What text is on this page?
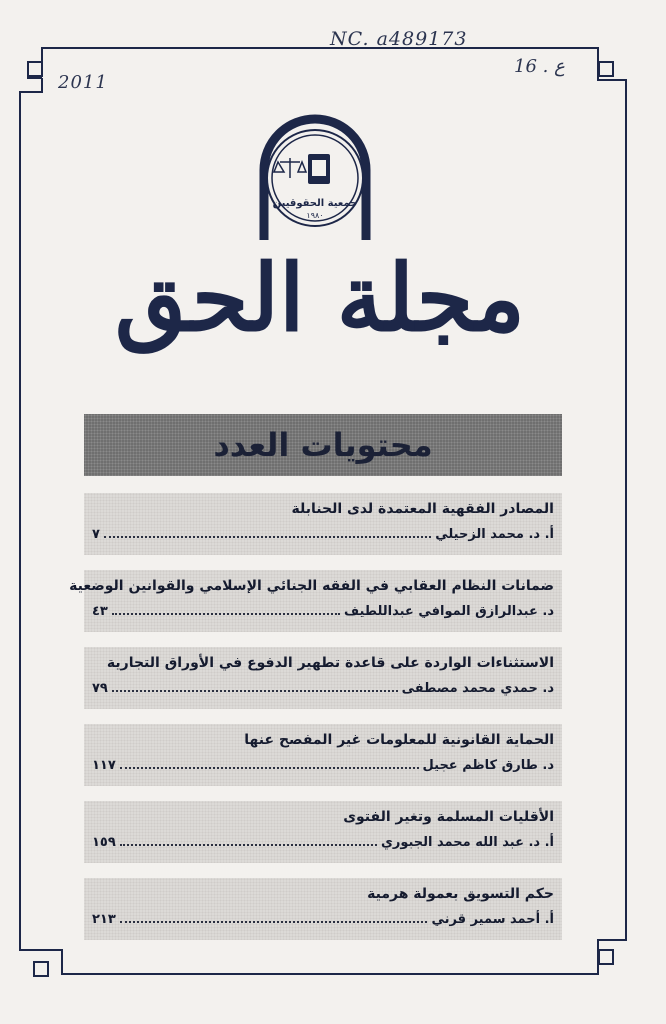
NC. a489173
2011
16 . ع
جمعية الحقوقيين
١٩٨٠
مجلة الحق
محتويات العدد
المصادر الفقهية المعتمدة لدى الحنابلة
أ. د. محمد الزحيلي
٧
ضمانات النظام العقابي في الفقه الجنائي الإسلامي والقوانين الوضعية
د. عبدالرازق الموافي عبداللطيف
٤٣
الاستثناءات الواردة على قاعدة تطهير الدفوع في الأوراق التجارية
د. حمدي محمد مصطفى
٧٩
الحماية القانونية للمعلومات غير المفصح عنها
د. طارق كاظم عجيل
١١٧
الأقليات المسلمة وتغير الفتوى
أ. د. عبد الله محمد الجبوري
١٥٩
حكم التسويق بعمولة هرمية
أ. أحمد سمير قرني
٢١٣
